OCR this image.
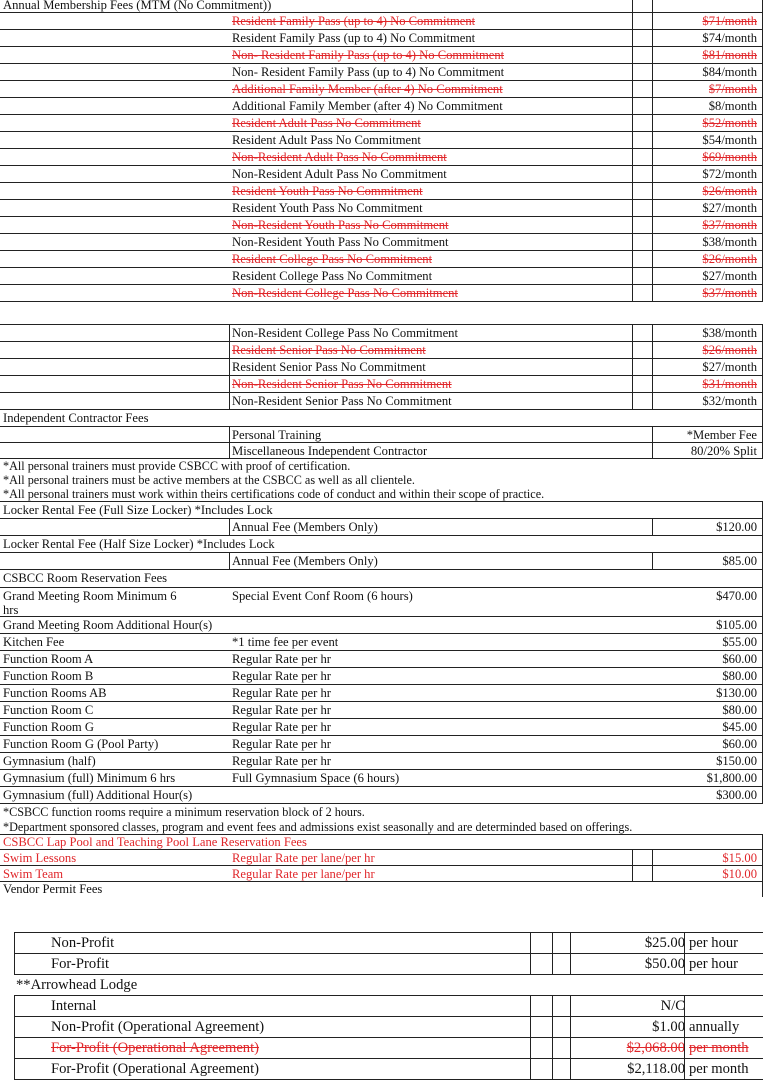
Annual Membership Fees (MTM (No Commitment))
Resident Family Pass (up to 4) No Commitment	$71/month
Resident Family Pass (up to 4) No Commitment	$74/month
Non- Resident Family Pass (up to 4) No Commitment	$81/month
Non- Resident Family Pass (up to 4) No Commitment	$84/month
Additional Family Member (after 4) No Commitment	$7/month
Additional Family Member (after 4) No Commitment	$8/month
Resident Adult Pass No Commitment	$52/month
Resident Adult Pass No Commitment	$54/month
Non-Resident Adult Pass No Commitment	$69/month
Non-Resident Adult Pass No Commitment	$72/month
Resident Youth Pass No Commitment	$26/month
Resident Youth Pass No Commitment	$27/month
Non-Resident Youth Pass No Commitment	$37/month
Non-Resident Youth Pass No Commitment	$38/month
Resident College Pass No Commitment	$26/month
Resident College Pass No Commitment	$27/month
Non-Resident College Pass No Commitment	$37/month
Non-Resident College Pass No Commitment	$38/month
Resident Senior Pass No Commitment	$26/month
Resident Senior Pass No Commitment	$27/month
Non-Resident Senior Pass No Commitment	$31/month
Non-Resident Senior Pass No Commitment	$32/month
Independent Contractor Fees
Personal Training	*Member Fee
Miscellaneous Independent Contractor	80/20% Split
*All personal trainers must provide CSBCC with proof of certification.
*All personal trainers must be active members at the CSBCC as well as all clientele.
*All personal trainers must work within theirs certifications code of conduct and within their scope of practice.
Locker Rental Fee (Full Size Locker) *Includes Lock
Annual Fee (Members Only)	$120.00
Locker Rental Fee (Half Size Locker) *Includes Lock
Annual Fee (Members Only)	$85.00
CSBCC Room Reservation Fees
Grand Meeting Room Minimum 6
hrs
Special Event Conf Room (6 hours)	$470.00
Grand Meeting Room Additional Hour(s)	$105.00
Kitchen Fee	*1 time fee per event	$55.00
Function Room A	Regular Rate per hr	$60.00
Function Room B	Regular Rate per hr	$80.00
Function Rooms AB	Regular Rate per hr	$130.00
Function Room C	Regular Rate per hr	$80.00
Function Room G	Regular Rate per hr	$45.00
Function Room G (Pool Party)	Regular Rate per hr	$60.00
Gymnasium (half)	Regular Rate per hr	$150.00
Gymnasium (full) Minimum 6 hrs	Full Gymnasium Space (6 hours)	$1,800.00
Gymnasium (full) Additional Hour(s)	$300.00
*CSBCC function rooms require a minimum reservation block of 2 hours.
*Department sponsored classes, program and event fees and admissions exist seasonally and are determinded based on offerings.
CSBCC Lap Pool and Teaching Pool Lane Reservation Fees
Swim Lessons	Regular Rate per lane/per hr	$15.00
Swim Team	Regular Rate per lane/per hr	$10.00
Vendor Permit Fees
Non-Profit	$25.00 per hour
For-Profit	$50.00 per hour
**Arrowhead Lodge
Internal	N/C
Non-Profit (Operational Agreement)	$1.00 annually
For-Profit (Operational Agreement)	$2,068.00 per month
For-Profit (Operational Agreement)	$2,118.00 per month
